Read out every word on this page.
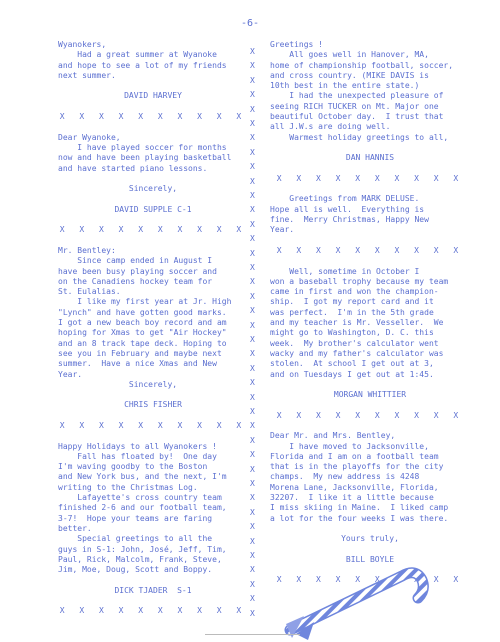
-6-

Wyanokers,

Had a great summer at Wyanoke

and hope to see a lot of my friends

next summer.

DAVID HARVEY

X X X X X X X X X X

Dear Wyanoke,

I have played soccer for months

now and have been playing basketball

and have started piano lessons.

Sincerely,

DAVID SUPPLE C-1

X X X X X X X X X X

Mr. Bentley:

Since camp ended in August I

have been busy playing soccer and

on the Canadiens hockey team for

St. Eulalias.

I like my first year at Jr. High

"Lynch" and have gotten good marks.

I got a new beach boy record and am

hoping for Xmas to get "Air Hockey"

and an 8 track tape deck. Hoping to

see you in February and maybe next

summer.  Have a nice Xmas and New

Year.

Sincerely,

CHRIS FISHER

X X X X X X X X X X

Happy Holidays to all Wyanokers !

Fall has floated by!  One day

I'm waving goodby to the Boston

and New York bus, and the next, I'm

writing to the Christmas Log.

Lafayette's cross country team

finished 2-6 and our football team,

3-7!  Hope your teams are faring

better.

Special greetings to all the

guys in S-1: John, José, Jeff, Tim,

Paul, Rick, Malcolm, Frank, Steve,

Jim, Moe, Doug, Scott and Boppy.

DICK TJADER  S-1

X X X X X X X X X X

X
X
X
X
X
X
X
X
X
X
X
X
X
X
X
X
X
X
X
X
X
X
X
X
X
X
X
X
X
X
X
X
X
X
X
X
X
X
X
X

Greetings !

All goes well in Hanover, MA,

home of championship football, soccer,

and cross country. (MIKE DAVIS is

10th best in the entire state.)

I had the unexpected pleasure of

seeing RICH TUCKER on Mt. Major one

beautiful October day.  I trust that

all J.W.s are doing well.

Warmest holiday greetings to all,

DAN HANNIS

X X X X X X X X X X

Greetings from MARK DELUSE.

Hope all is well.  Everything is

fine.  Merry Christmas, Happy New

Year.

X X X X X X X X X X

Well, sometime in October I

won a baseball trophy because my team

came in first and won the champion-

ship.  I got my report card and it

was perfect.  I'm in the 5th grade

and my teacher is Mr. Vesseller.  We

might go to Washington, D. C. this

week.  My brother's calculator went

wacky and my father's calculator was

stolen.  At school I get out at 3,

and on Tuesdays I get out at 1:45.

MORGAN WHITTIER

X X X X X X X X X X

Dear Mr. and Mrs. Bentley,

I have moved to Jacksonville,

Florida and I am on a football team

that is in the playoffs for the city

champs.  My new address is 4248

Morena Lane, Jacksonville, Florida,

32207.  I like it a little because

I miss skiing in Maine.  I liked camp

a lot for the four weeks I was there.

Yours truly,

BILL BOYLE

X X X X X X X X X X
